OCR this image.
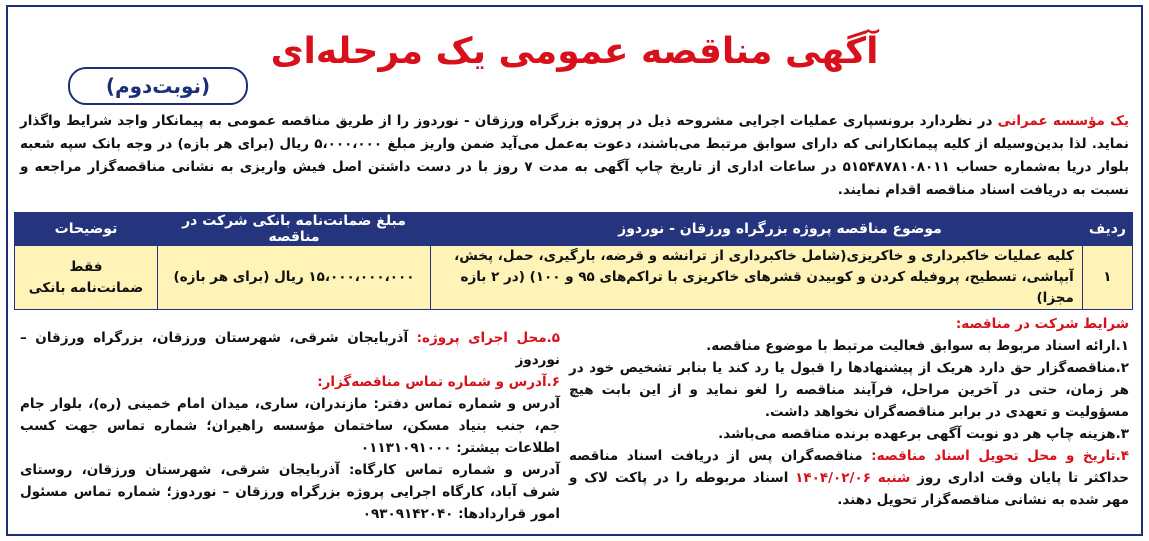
آگهی مناقصه عمومی یک مرحله‌ای
(نوبت‌دوم)

یک مؤسسه عمرانی در نظردارد برونسپاری عملیات اجرایی مشروحه ذیل در پروژه بزرگراه ورزقان - نوردوز را از طریق مناقصه عمومی به پیمانکار واجد شرایط واگذار نماید. لذا بدین‌وسیله از کلیه پیمانکارانی که دارای سوابق مرتبط می‌باشند، دعوت به‌عمل می‌آید ضمن واریز مبلغ ۵،۰۰۰،۰۰۰ ریال (برای هر بازه) در وجه بانک سپه شعبه بلوار دریا به‌شماره حساب ۵۱۵۴۸۷۸۱۰۸۰۱۱ در ساعات اداری از تاریخ چاپ آگهی به مدت ۷ روز با در دست داشتن اصل فیش واریزی به نشانی مناقصه‌گزار مراجعه و نسبت به دریافت اسناد مناقصه اقدام نمایند.

ردیف	موضوع مناقصه پروژه بزرگراه ورزقان - نوردوز	مبلغ ضمانت‌نامه بانکی شرکت در مناقصه	توضیحات
۱	کلیه عملیات خاکبرداری و خاکریزی(شامل خاکبرداری از ترانشه و قرضه، بارگیری، حمل، پخش، آبپاشی، تسطیح، پروفیله کردن و کوبیدن قشرهای خاکریزی با تراکم‌های ۹۵ و ۱۰۰) (در ۲ بازه مجزا)	۱۵،۰۰۰،۰۰۰،۰۰۰ ریال (برای هر بازه)	فقط
ضمانت‌نامه بانکی

شرایط شرکت در مناقصه:

۱.ارائه اسناد مربوط به سوابق فعالیت مرتبط با موضوع مناقصه.

۲.مناقصه‌گزار حق دارد هریک از پیشنهادها را قبول یا رد کند یا بنابر تشخیص خود در هر زمان، حتی در آخرین مراحل، فرآیند مناقصه را لغو نماید و از این بابت هیچ مسؤولیت و تعهدی در برابر مناقصه‌گران نخواهد داشت.

۳.هزینه چاپ هر دو نوبت آگهی برعهده برنده مناقصه می‌باشد.

۴.تاریخ و محل تحویل اسناد مناقصه: مناقصه‌گران پس از دریافت اسناد مناقصه حداکثر تا پایان وقت اداری روز شنبه ۱۴۰۴/۰۲/۰۶ اسناد مربوطه را در پاکت لاک و مهر شده به نشانی مناقصه‌گزار تحویل دهند.

۵.محل اجرای پروژه: آذربایجان شرقی، شهرستان ورزقان، بزرگراه ورزقان – نوردوز

۶.آدرس و شماره تماس مناقصه‌گزار:

آدرس و شماره تماس دفتر: مازندران، ساری، میدان امام خمینی (ره)، بلوار جام جم، جنب بنیاد مسکن، ساختمان مؤسسه راهیران؛ شماره تماس جهت کسب اطلاعات بیشتر: ۰۱۱۳۱۰۹۱۰۰۰

آدرس و شماره تماس کارگاه: آذربایجان شرقی، شهرستان ورزقان، روستای شرف آباد، کارگاه اجرایی پروژه بزرگراه ورزقان – نوردوز؛ شماره تماس مسئول امور قراردادها: ۰۹۳۰۹۱۴۲۰۴۰
